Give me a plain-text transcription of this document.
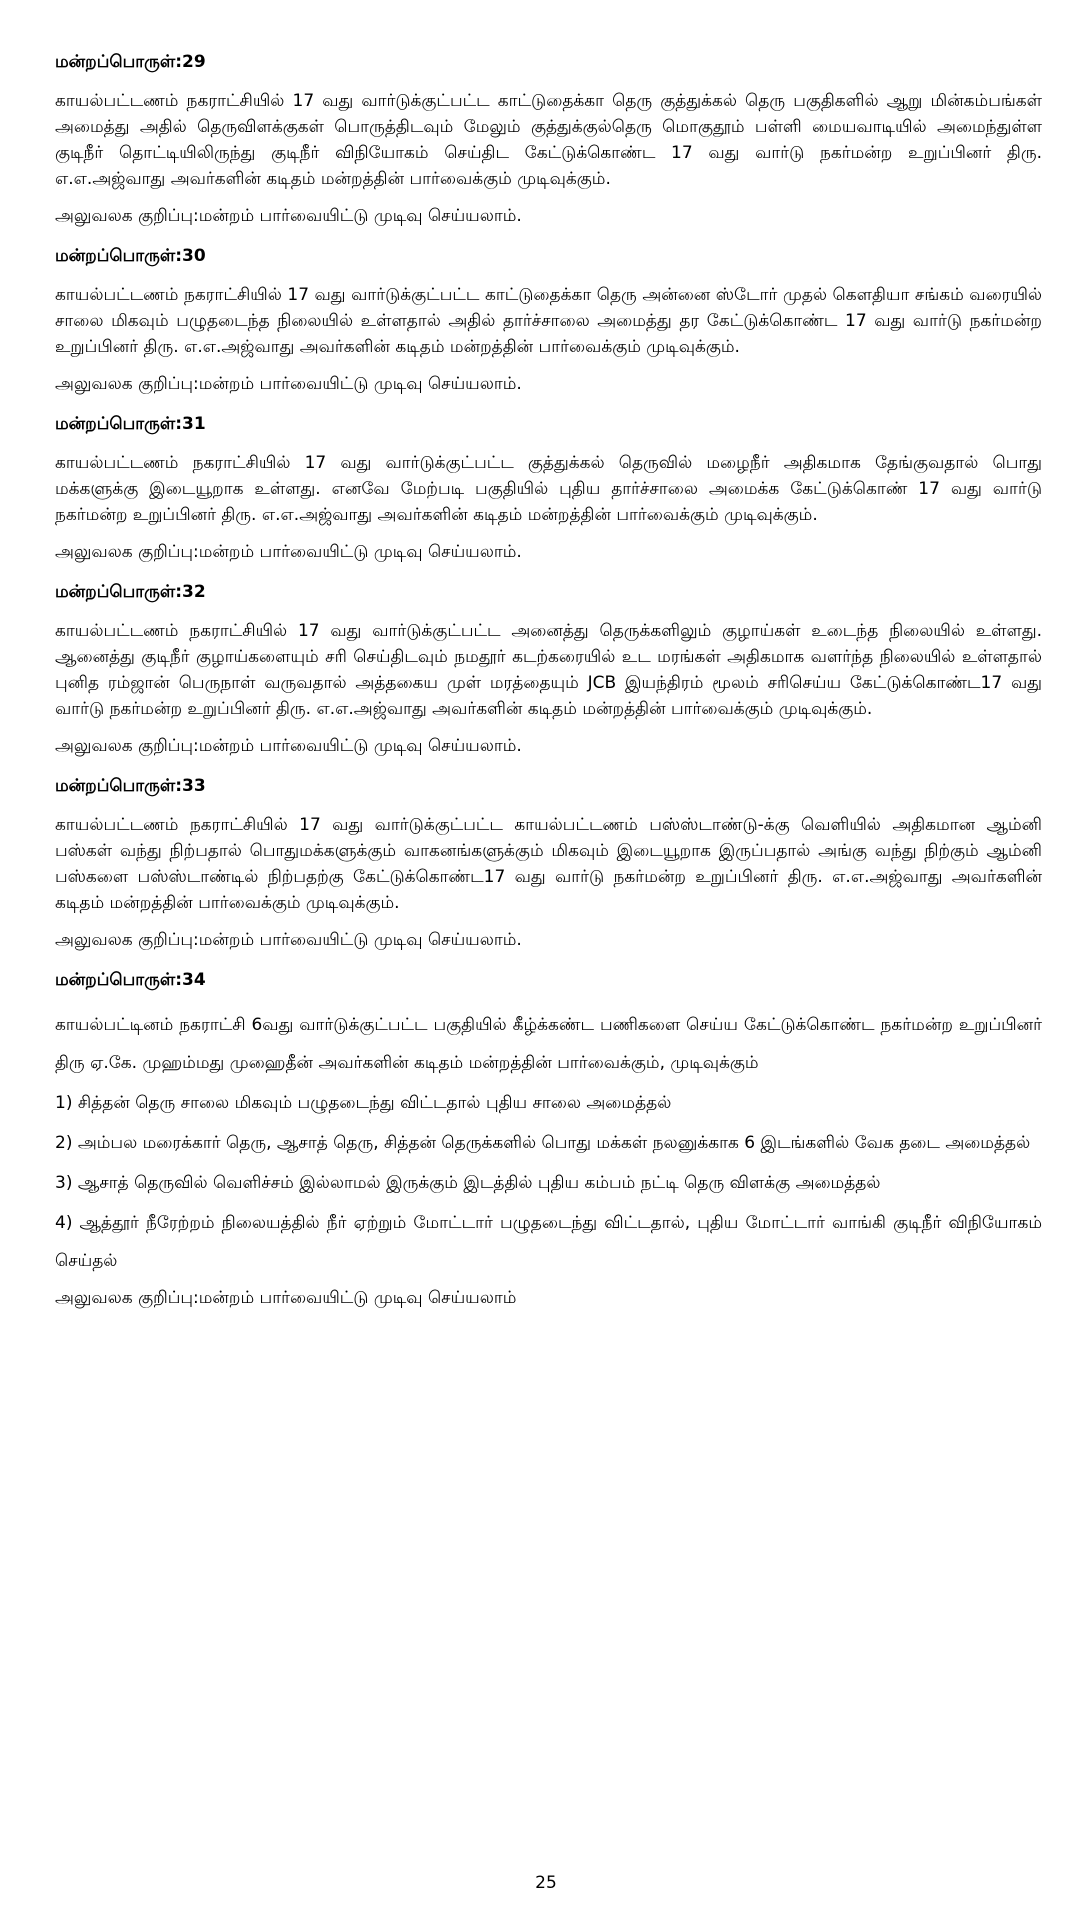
மன்றப்பொருள்:29
காயல்பட்டணம் நகராட்சியில் 17 வது வார்டுக்குட்பட்ட காட்டுதைக்கா தெரு குத்துக்கல் தெரு பகுதிகளில் ஆறு மின்கம்பங்கள் அமைத்து அதில் தெருவிளக்குகள் பொருத்திடவும் மேலும் குத்துக்குல்தெரு மொகுதூம் பள்ளி மையவாடியில் அமைந்துள்ள குடிநீர் தொட்டியிலிருந்து குடிநீர் விநியோகம் செய்திட கேட்டுக்கொண்ட 17 வது வார்டு நகர்மன்ற உறுப்பினர் திரு. எ.எ.அஜ்வாது அவர்களின் கடிதம் மன்றத்தின் பார்வைக்கும் முடிவுக்கும்.
அலுவலக குறிப்பு:மன்றம் பார்வையிட்டு முடிவு செய்யலாம்.
மன்றப்பொருள்:30
காயல்பட்டணம் நகராட்சியில் 17 வது வார்டுக்குட்பட்ட காட்டுதைக்கா தெரு அன்னை ஸ்டோர் முதல் கௌதியா சங்கம் வரையில் சாலை மிகவும் பழுதடைந்த நிலையில் உள்ளதால் அதில் தார்ச்சாலை அமைத்து தர கேட்டுக்கொண்ட 17 வது வார்டு நகர்மன்ற உறுப்பினர் திரு. எ.எ.அஜ்வாது அவர்களின் கடிதம் மன்றத்தின் பார்வைக்கும் முடிவுக்கும்.
அலுவலக குறிப்பு:மன்றம் பார்வையிட்டு முடிவு செய்யலாம்.
மன்றப்பொருள்:31
காயல்பட்டணம் நகராட்சியில் 17 வது வார்டுக்குட்பட்ட குத்துக்கல் தெருவில் மழைநீர் அதிகமாக தேங்குவதால் பொது மக்களுக்கு இடையூறாக உள்ளது. எனவே மேற்படி பகுதியில் புதிய தார்ச்சாலை அமைக்க கேட்டுக்கொண் 17 வது வார்டு நகர்மன்ற உறுப்பினர் திரு. எ.எ.அஜ்வாது அவர்களின் கடிதம் மன்றத்தின் பார்வைக்கும் முடிவுக்கும்.
அலுவலக குறிப்பு:மன்றம் பார்வையிட்டு முடிவு செய்யலாம்.
மன்றப்பொருள்:32
காயல்பட்டணம் நகராட்சியில் 17 வது வார்டுக்குட்பட்ட அனைத்து தெருக்களிலும் குழாய்கள் உடைந்த நிலையில் உள்ளது. ஆனைத்து குடிநீர் குழாய்களையும் சரி செய்திடவும் நமதூர் கடற்கரையில் உட மரங்கள் அதிகமாக வளர்ந்த நிலையில் உள்ளதால் புனித ரம்ஜான் பெருநாள் வருவதால் அத்தகைய முள் மரத்தையும் JCB இயந்திரம் மூலம் சரிசெய்ய கேட்டுக்கொண்ட17 வது வார்டு நகர்மன்ற உறுப்பினர் திரு. எ.எ.அஜ்வாது அவர்களின் கடிதம் மன்றத்தின் பார்வைக்கும் முடிவுக்கும்.
அலுவலக குறிப்பு:மன்றம் பார்வையிட்டு முடிவு செய்யலாம்.
மன்றப்பொருள்:33
காயல்பட்டணம் நகராட்சியில் 17 வது வார்டுக்குட்பட்ட காயல்பட்டணம் பஸ்ஸ்டாண்டு-க்கு வெளியில் அதிகமான ஆம்னி பஸ்கள் வந்து நிற்பதால் பொதுமக்களுக்கும் வாகனங்களுக்கும் மிகவும் இடையூறாக இருப்பதால் அங்கு வந்து நிற்கும் ஆம்னி பஸ்களை பஸ்ஸ்டாண்டில் நிற்பதற்கு கேட்டுக்கொண்ட17 வது வார்டு நகர்மன்ற உறுப்பினர் திரு. எ.எ.அஜ்வாது அவர்களின் கடிதம் மன்றத்தின் பார்வைக்கும் முடிவுக்கும்.
அலுவலக குறிப்பு:மன்றம் பார்வையிட்டு முடிவு செய்யலாம்.
மன்றப்பொருள்:34
காயல்பட்டினம் நகராட்சி 6வது வார்டுக்குட்பட்ட பகுதியில் கீழ்க்கண்ட பணிகளை செய்ய கேட்டுக்கொண்ட நகர்மன்ற உறுப்பினர் திரு ஏ.கே. முஹம்மது முஹைதீன் அவர்களின் கடிதம் மன்றத்தின் பார்வைக்கும், முடிவுக்கும்
1) சித்தன் தெரு சாலை மிகவும் பழுதடைந்து விட்டதால் புதிய சாலை அமைத்தல்
2) அம்பல மரைக்கார் தெரு, ஆசாத் தெரு, சித்தன் தெருக்களில் பொது மக்கள் நலனுக்காக 6 இடங்களில் வேக தடை அமைத்தல்
3) ஆசாத் தெருவில் வெளிச்சம் இல்லாமல் இருக்கும் இடத்தில் புதிய கம்பம் நட்டி தெரு விளக்கு அமைத்தல்
4) ஆத்தூர் நீரேற்றம் நிலையத்தில் நீர் ஏற்றும் மோட்டார் பழுதடைந்து விட்டதால், புதிய மோட்டார் வாங்கி குடிநீர் விநியோகம் செய்தல்
அலுவலக குறிப்பு:மன்றம் பார்வையிட்டு முடிவு செய்யலாம்
25
